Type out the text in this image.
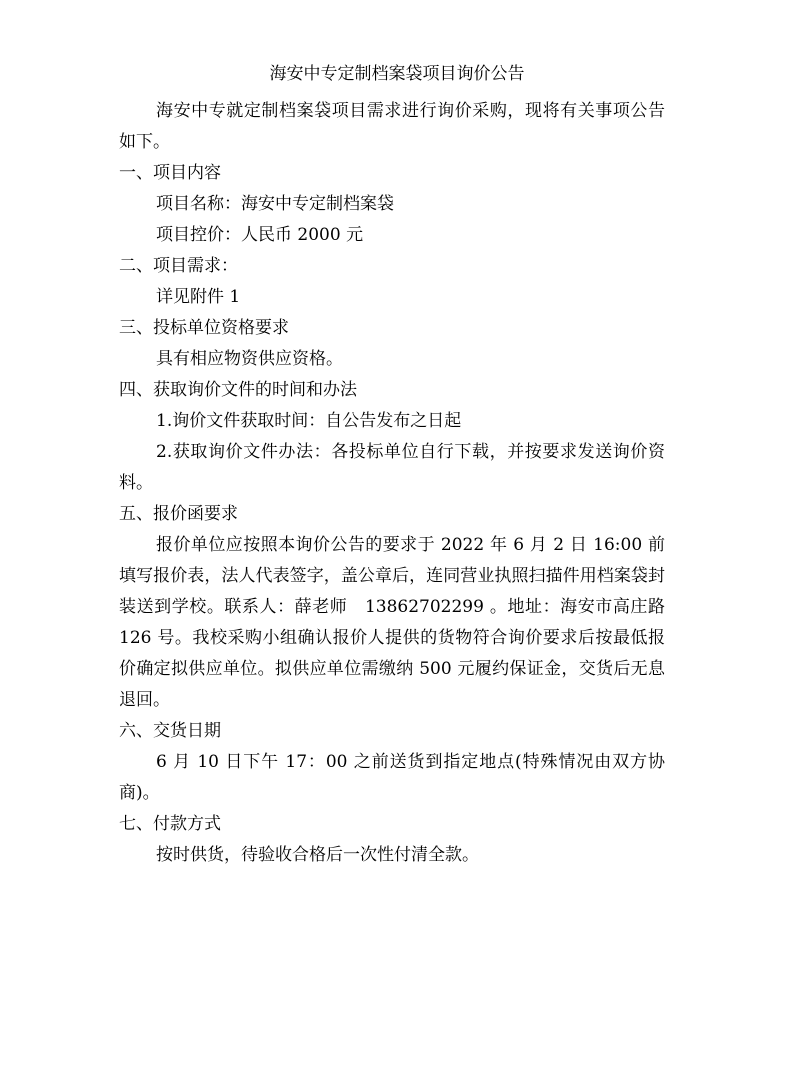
海安中专定制档案袋项目询价公告

海安中专就定制档案袋项目需求进行询价采购，现将有关事项公告如下。

一、项目内容

项目名称：海安中专定制档案袋

项目控价：人民币 2000 元

二、项目需求：

详见附件 1

三、投标单位资格要求

具有相应物资供应资格。

四、获取询价文件的时间和办法

1.询价文件获取时间：自公告发布之日起

2.获取询价文件办法：各投标单位自行下载，并按要求发送询价资料。

五、报价函要求

报价单位应按照本询价公告的要求于 2022 年 6 月 2 日 16:00 前填写报价表，法人代表签字，盖公章后，连同营业执照扫描件用档案袋封装送到学校。联系人：薛老师　13862702299 。地址：海安市高庄路 126 号。我校采购小组确认报价人提供的货物符合询价要求后按最低报价确定拟供应单位。拟供应单位需缴纳 500 元履约保证金，交货后无息退回。

六、交货日期

6 月 10 日下午 17：00 之前送货到指定地点(特殊情况由双方协商)。

七、付款方式

按时供货，待验收合格后一次性付清全款。
